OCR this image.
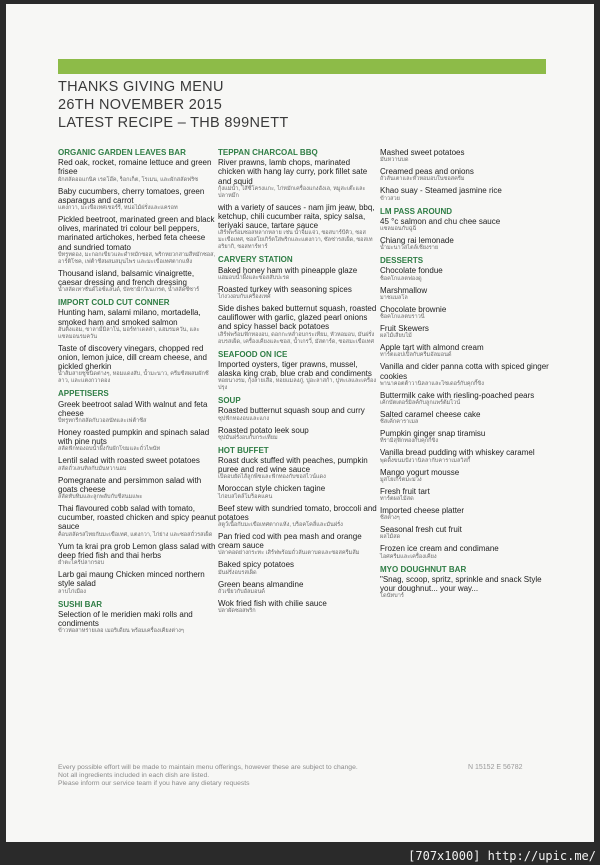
THANKS GIVING MENU
26TH NOVEMBER 2015
LATEST RECIPE – THB 899NETT
ORGANIC GARDEN LEAVES BAR
Red oak, rocket, romaine lettuce and green frisee
ผักสลัดออแกนิค เรดโอ๊ค, ร็อกเก็ต, โรเมน, และผักสลัดฟริซ
Baby cucumbers, cherry tomatoes, green asparagus and carrot
แตงกวา, มะเขือเทศเชอร์รี่, หน่อไม้ฝรั่งและแครอท
Pickled beetroot, marinated green and black olives, marinated tri colour bell peppers, marinated artichokes, herbed feta cheese and sundried tomato
บีทรูทดอง, มะกอกเขียวและดำหมักซอส, พริกหยวกสามสีหมักซอส, อาร์ติโชค, เฟต้าชีสผสมสมุนไพร และมะเขือเทศตากแห้ง
Thousand island, balsamic vinaigrette, caesar dressing and french dressing
น้ำสลัดเทาซันด์ไอซ์แลนด์, บัลซามิกวิเนเกรต, น้ำสลัดซีซาร์
IMPORT COLD CUT CONNER
Hunting ham, salami milano, mortadella, smoked ham and smoked salmon
ฮันติ้งแฮม, ซาลามี่มิลาโน่, มอร์ทาเดลล่า, แฮมรมควัน, และแซลมอนรมควัน
Taste of discovery vinegars, chopped red onion, lemon juice, dill cream cheese, and pickled gherkin
น้ำส้มสายชูชนิดต่างๆ, หอมแดงสับ, น้ำมะนาว, ครีมชีสผสมผักชีลาว, และแตงกวาดอง
APPETISERS
Greek beetroot salad With walnut and feta cheese
บีทรูทกรีกสลัดกับวอลนัทและเฟต้าชีส
Honey roasted pumpkin and spinach salad with pine nuts
สลัดฟักทองอบน้ำผึ้งกับผักโขมและถั่วไพนัท
Lentil salad with roasted sweet potatoes
สลัดถั่วเลนทิลกับมันหวานอบ
Pomegranate and persimmon salad with goats cheese
สลัดทับทิมและลูกพลับกับชีสนมแพะ
Thai flavoured cobb salad with tomato, cucumber, roasted chicken and spicy peanut sauce
ค็อบสลัดรสไทยกับมะเขือเทศ, แตงกวา, ไก่ย่าง และซอสถั่วรสเผ็ด
Yum ta krai pra grob Lemon glass salad with deep fried fish and thai herbs
ยำตะไคร้ปลากรอบ
Larb gai maung Chicken minced northern style salad
ลาบไก่เมือง
SUSHI BAR
Selection of le meridien maki rolls and condiments
ข้าวห่อสาหร่ายเลอ เมอริเดียน พร้อมเครื่องเคียงต่างๆ
TEPPAN CHARCOAL BBQ
River prawns, lamb chops, marinated chicken with hang lay curry, pork fillet sate and squid
กุ้งแม่น้ำ, ไส้ซี่โครงแกะ, ไก่หมักเครื่องแกงฮังเล, หมูสะเต๊ะและปลาหมึก
with a variety of sauces - nam jim jeaw, bbq, ketchup, chili cucumber raita, spicy salsa, teriyaki sauce, tartare sauce
เสิร์ฟพร้อมซอสหลากหลาย เช่น น้ำจิ้มแจ่ว, ซอสบาร์บีคิว, ซอสมะเขือเทศ, ซอสโยเกิร์ตใส่พริกและแตงกวา, ซัลซ่ารสเผ็ด, ซอสเทอริยากิ, ซอสทาร์ทาร์
CARVERY STATION
Baked honey ham with pineapple glaze
แฮมอบน้ำผึ้งและซอสสับปะรด
Roasted turkey with seasoning spices
ไก่งวงอบกับเครื่องเทศ
Side dishes baked butternut squash, roasted cauliflower with garlic, glazed pearl onions and spicy hassel back potatoes
เสิร์ฟพร้อมฟักทองอบ, ดอกกะหล่ำอบกระเทียม, หัวหอมอบ, มันฝรั่งอบรสเผ็ด, เครื่องเคียงและซอส, น้ำเกรวี่, มัสตาร์ด, ซอสมะเขือเทศ
SEAFOOD ON ICE
Imported oysters, tiger prawns, mussel, alaska king crab, blue crab and condiments
หอยนางรม, กุ้งลายเสือ, หอยแมลงภู่, ปูอะลาสก้า, ปูทะเลและเครื่องปรุง
SOUP
Roasted butternut squash soup and curry
ซุปฟักทองอบและแกง
Roasted potato leek soup
ซุปมันฝรั่งอบกับกระเทียม
HOT BUFFET
Roast duck stuffed with peaches, pumpkin puree and red wine sauce
เป็ดอบยัดไส้ลูกพีชและฟักทองกับซอสไวน์แดง
Moroccan style chicken tagine
ไก่อบสไตล์โมร็อคแคน
Beef stew with sundried tomato, broccoli and potatoes
สตูว์เนื้อกับมะเขือเทศตากแห้ง, บร็อคโคลี่และมันฝรั่ง
Pan fried cod with pea mash and orange cream sauce
ปลาคอดย่างกระทะ เสิร์ฟพร้อมถั่วลันเตาบดและซอสครีมส้ม
Baked spicy potatoes
มันฝรั่งอบรสเผ็ด
Green beans almandine
ถั่วเขียวกับอัลมอนด์
Wok fried fish with chilie sauce
ปลาผัดซอสพริก
Mashed sweet potatoes
มันหวานบด
Creamed peas and onions
ถั่วลันเตาและหัวหอมอบในซอสครีม
Khao suay - Steamed jasmine rice
ข้าวสวย
LM PASS AROUND
45 °c salmon and chu chee sauce
แซลมอนกับฉู่ฉี่
Chiang rai lemonade
น้ำมะนาวสไตล์เชียงราย
DESSERTS
Chocolate fondue
ช็อคโกแลตฟองดู
Marshmallow
มาชแมลโล
Chocolate brownie
ช็อคโกแลตบราวนี่
Fruit Skewers
ผลไม้เสียบไม้
Apple tart with almond cream
ทาร์ตแอปเปิ้ลกับครีมอัลมอนด์
Vanilla and cider panna cotta with spiced ginger cookies
พานาคอตต้าวานิลลาและไซเดอร์กับคุกกี้ขิง
Buttermilk cake with riesling-poached pears
เค้กบัตเตอร์มิลค์กับลูกแพร์ต้มไวน์
Salted caramel cheese cake
ชีสเค้กคาราเมล
Pumpkin ginger snap tiramisu
ทีรามิสุฟักทองกับคุกกี้ขิง
Vanilla bread pudding with whiskey caramel
พุดดิ้งขนมปังวานิลลากับคาราเมลวิสกี้
Mango yogurt mousse
มูสโยเกิร์ตมะม่วง
Fresh fruit tart
ทาร์ตผลไม้สด
Imported cheese platter
ชีสต่างๆ
Seasonal fresh cut fruit
ผลไม้สด
Frozen ice cream and condimane
ไอศครีมและเครื่องเคียง
MYO DOUGHNUT BAR
"Snag, scoop, spritz, sprinkle and snack Style your doughnut... your way...
โดนัทบาร์
Every possible effort will be made to maintain menu offerings, however these are subject to change.
Not all ingredients included in each dish are listed.
Please inform our service team if you have any dietary requests
N 15152 E 56782
[707x1000] http://upic.me/
